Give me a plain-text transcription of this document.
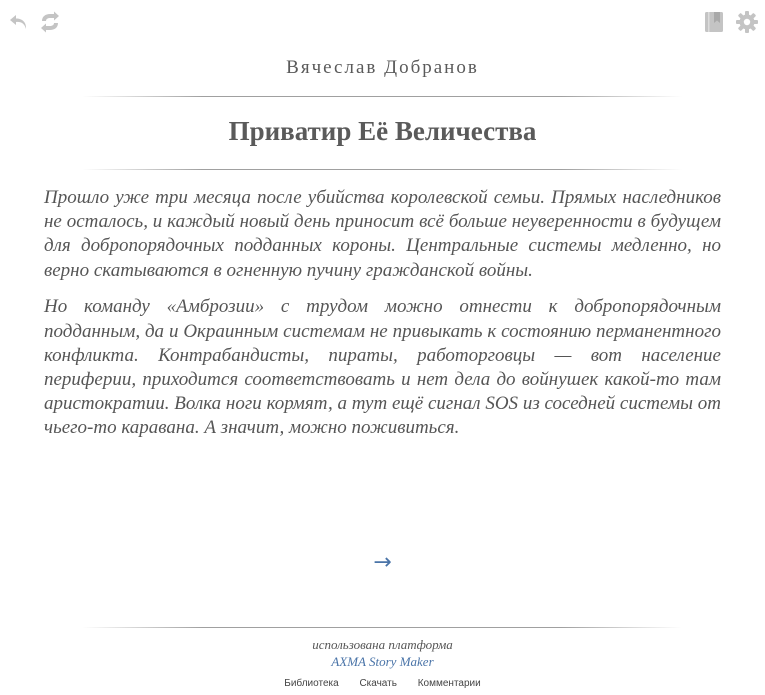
Вячеслав Добранов
Приватир Её Величества

Прошло уже три месяца после убийства королевской семьи. Прямых наследников не осталось, и каждый новый день приносит всё больше неуверенности в будущем для добропорядочных подданных короны. Центральные системы медленно, но верно скатываются в огненную пучину гражданской войны.

Но команду «Амброзии» с трудом можно отнести к добропорядочным подданным, да и Окраинным системам не привыкать к состоянию перманентного конфликта. Контрабандисты, пираты, работорговцы — вот население периферии, приходится соответствовать и нет дела до войнушек какой-то там аристократии. Волка ноги кормят, а тут ещё сигнал SOS из соседней системы от чьего-то каравана. А значит, можно поживиться.

→
использована платформа
AXMA Story Maker
Библиотека Скачать Комментарии
